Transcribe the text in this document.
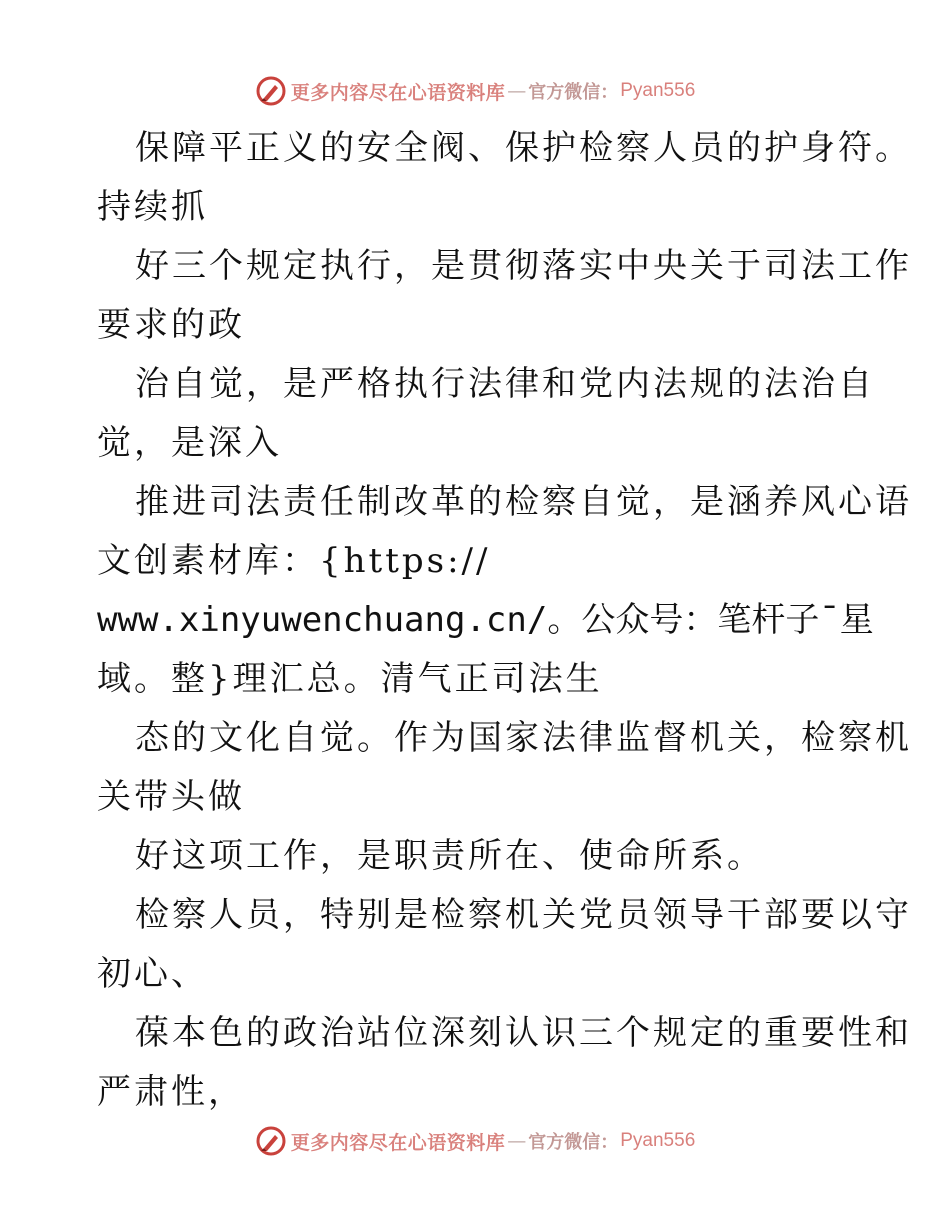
更多内容尽在心语资料库 — 官方微信： Pyan556
保障平正义的安全阀、保护检察人员的护身符。
持续抓
好三个规定执行，是贯彻落实中央关于司法工作
要求的政
治自觉，是严格执行法律和党内法规的法治自
觉，是深入
推进司法责任制改革的检察自觉，是涵养风心语
文创素材库：{https://
www.xinyuwenchuang.cn/。公众号：笔杆子¯星
域。整}理汇总。清气正司法生
态的文化自觉。作为国家法律监督机关，检察机
关带头做
好这项工作，是职责所在、使命所系。
检察人员，特别是检察机关党员领导干部要以守
初心、
葆本色的政治站位深刻认识三个规定的重要性和
严肃性，
更多内容尽在心语资料库 — 官方微信： Pyan556
